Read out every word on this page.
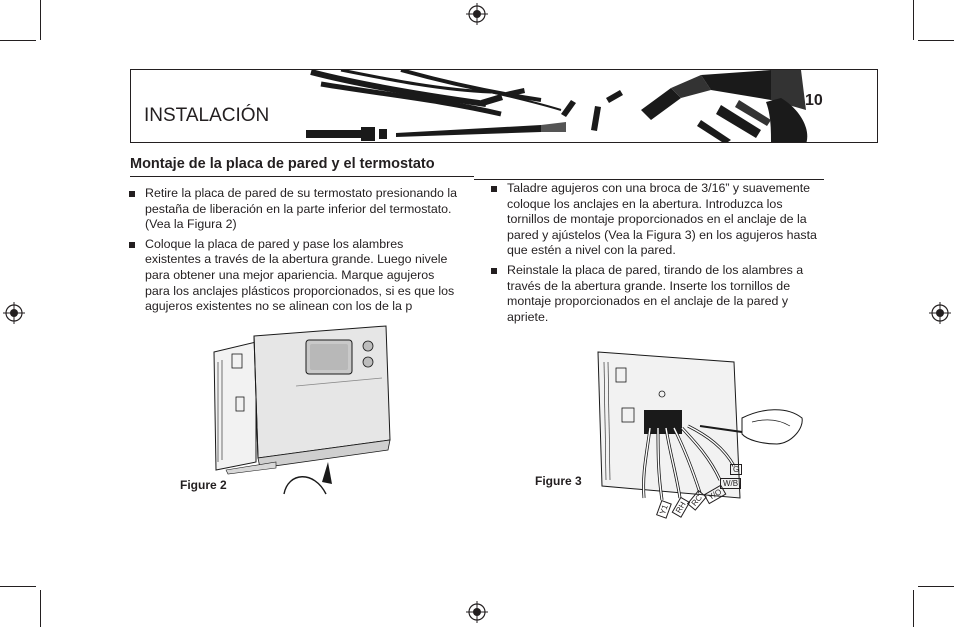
INSTALACIÓN
10
Montaje de la placa de pared y el termostato
Retire la placa de pared de su termostato presionando la pestaña de liberación en la parte inferior del termostato. (Vea la Figura 2)
Coloque la placa de pared y pase los alambres existentes a través de la abertura grande. Luego nivele para obtener una mejor apariencia. Marque agujeros para los anclajes plásticos proporcionados, si es que los agujeros existentes no se alinean con los de la p
Taladre agujeros con una broca de 3/16” y suavemente coloque los anclajes en la abertura. Introduzca los tornillos de montaje proporcionados en el anclaje de la pared y ajústelos (Vea la Figura 3) en los agujeros hasta que estén a nivel con la pared.
Reinstale la placa de pared, tirando de los alambres a través de la abertura grande. Inserte los tornillos de montaje proporcionados en el anclaje de la pared y apriete.
Figure 2
G
W/B
Y/O
RC
RH
Y1
Figure 3
